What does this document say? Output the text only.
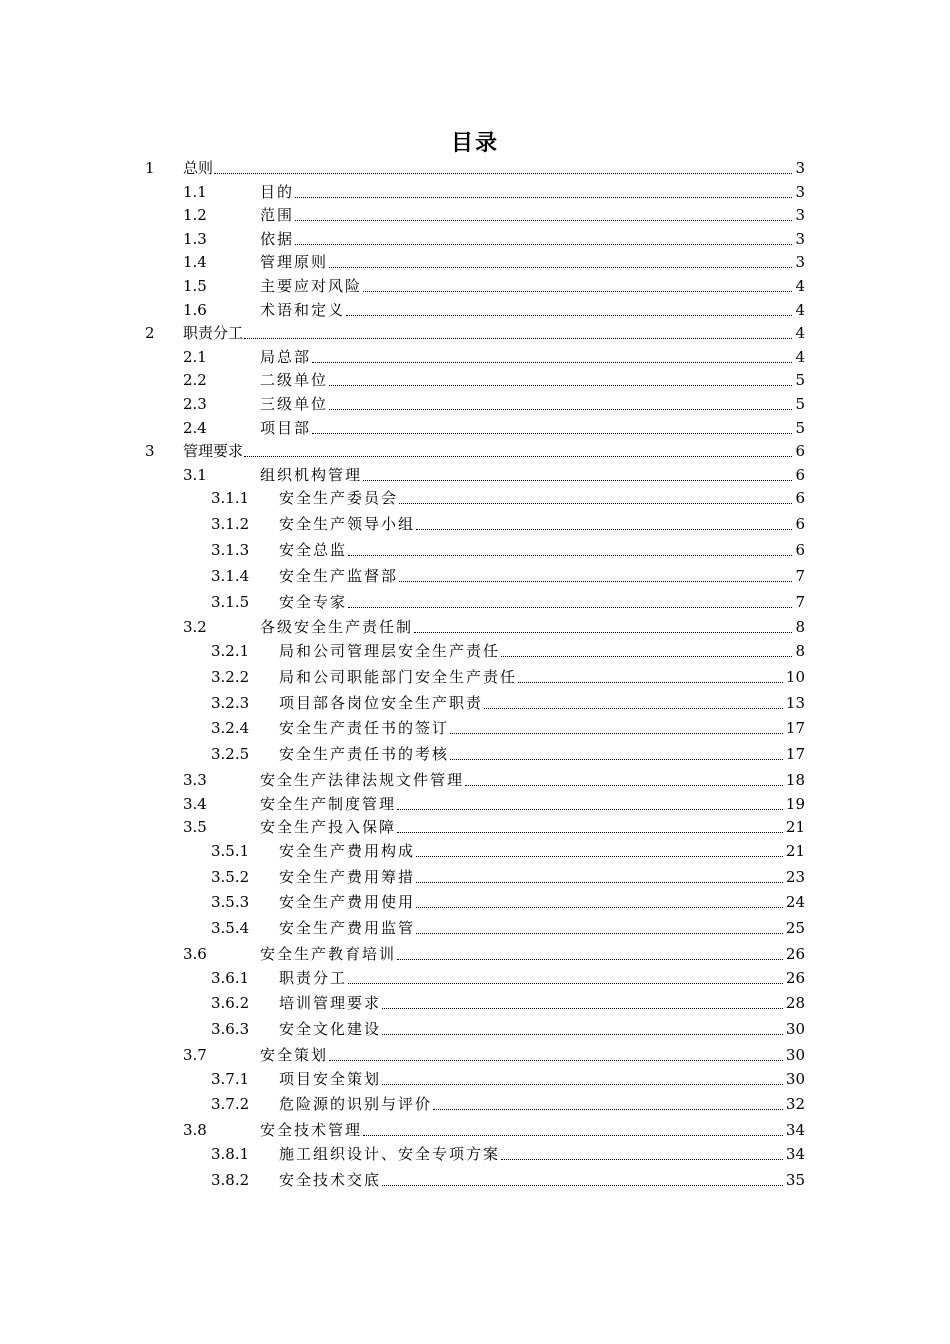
目录
1 总则	3
1.1	目的	3
1.2	范围	3
1.3	依据	3
1.4	管理原则	3
1.5	主要应对风险	4
1.6	术语和定义	4
2 职责分工	4
2.1	局总部	4
2.2	二级单位	5
2.3	三级单位	5
2.4	项目部	5
3 管理要求	6
3.1	组织机构管理	6
3.1.1 安全生产委员会	6
3.1.2 安全生产领导小组	6
3.1.3 安全总监	6
3.1.4 安全生产监督部	7
3.1.5 安全专家	7
3.2	各级安全生产责任制	8
3.2.1 局和公司管理层安全生产责任	8
3.2.2 局和公司职能部门安全生产责任	10
3.2.3 项目部各岗位安全生产职责	13
3.2.4 安全生产责任书的签订	17
3.2.5 安全生产责任书的考核	17
3.3	安全生产法律法规文件管理	18
3.4	安全生产制度管理	19
3.5	安全生产投入保障	21
3.5.1 安全生产费用构成	21
3.5.2 安全生产费用筹措	23
3.5.3 安全生产费用使用	24
3.5.4 安全生产费用监管	25
3.6	安全生产教育培训	26
3.6.1 职责分工	26
3.6.2 培训管理要求	28
3.6.3 安全文化建设	30
3.7	安全策划	30
3.7.1 项目安全策划	30
3.7.2 危险源的识别与评价	32
3.8	安全技术管理	34
3.8.1 施工组织设计、安全专项方案	34
3.8.2 安全技术交底	35
